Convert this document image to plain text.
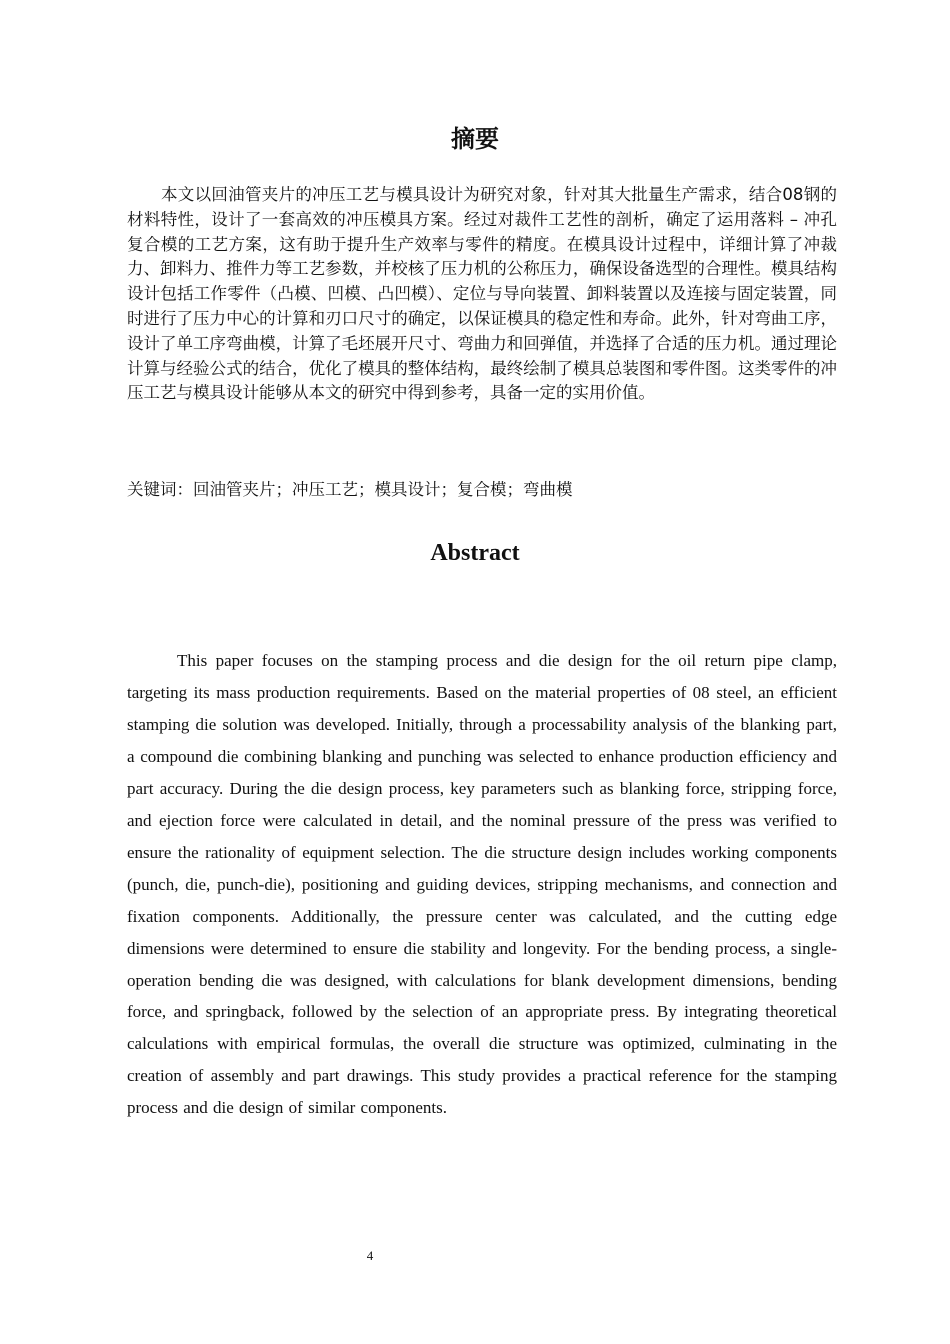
摘要

本文以回油管夹片的冲压工艺与模具设计为研究对象，针对其大批量生产需求，结合08钢的材料特性，设计了一套高效的冲压模具方案。经过对裁件工艺性的剖析，确定了运用落料 – 冲孔复合模的工艺方案，这有助于提升生产效率与零件的精度。在模具设计过程中，详细计算了冲裁力、卸料力、推件力等工艺参数，并校核了压力机的公称压力，确保设备选型的合理性。模具结构设计包括工作零件（凸模、凹模、凸凹模）、定位与导向装置、卸料装置以及连接与固定装置，同时进行了压力中心的计算和刃口尺寸的确定，以保证模具的稳定性和寿命。此外，针对弯曲工序，设计了单工序弯曲模，计算了毛坯展开尺寸、弯曲力和回弹值，并选择了合适的压力机。通过理论计算与经验公式的结合，优化了模具的整体结构，最终绘制了模具总装图和零件图。这类零件的冲压工艺与模具设计能够从本文的研究中得到参考，具备一定的实用价值。

关键词：回油管夹片；冲压工艺；模具设计；复合模；弯曲模

Abstract

This paper focuses on the stamping process and die design for the oil return pipe clamp, targeting its mass production requirements. Based on the material properties of 08 steel, an efficient stamping die solution was developed. Initially, through a processability analysis of the blanking part, a compound die combining blanking and punching was selected to enhance production efficiency and part accuracy. During the die design process, key parameters such as blanking force, stripping force, and ejection force were calculated in detail, and the nominal pressure of the press was verified to ensure the rationality of equipment selection. The die structure design includes working components (punch, die, punch-die), positioning and guiding devices, stripping mechanisms, and connection and fixation components. Additionally, the pressure center was calculated, and the cutting edge dimensions were determined to ensure die stability and longevity. For the bending process, a single-operation bending die was designed, with calculations for blank development dimensions, bending force, and springback, followed by the selection of an appropriate press. By integrating theoretical calculations with empirical formulas, the overall die structure was optimized, culminating in the creation of assembly and part drawings. This study provides a practical reference for the stamping process and die design of similar components.

4
